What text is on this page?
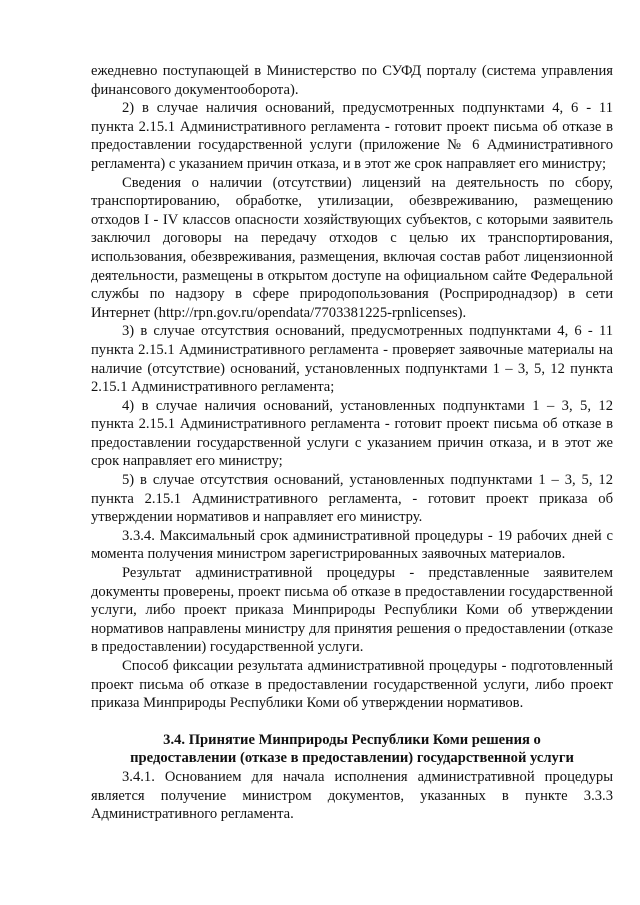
ежедневно поступающей в Министерство по СУФД порталу (система управления финансового документооборота).

2) в случае наличия оснований, предусмотренных подпунктами 4, 6 - 11 пункта 2.15.1 Административного регламента - готовит проект письма об отказе в предоставлении государственной услуги (приложение № 6 Административного регламента) с указанием причин отказа, и в этот же срок направляет его министру;

Сведения о наличии (отсутствии) лицензий на деятельность по сбору, транспортированию, обработке, утилизации, обезвреживанию, размещению отходов I - IV классов опасности хозяйствующих субъектов, с которыми заявитель заключил договоры на передачу отходов с целью их транспортирования, использования, обезвреживания, размещения, включая состав работ лицензионной деятельности, размещены в открытом доступе на официальном сайте Федеральной службы по надзору в сфере природопользования (Росприроднадзор) в сети Интернет (http://rpn.gov.ru/opendata/7703381225-rpnlicenses).

3) в случае отсутствия оснований, предусмотренных подпунктами 4, 6 - 11 пункта 2.15.1 Административного регламента - проверяет заявочные материалы на наличие (отсутствие) оснований, установленных подпунктами 1 – 3, 5, 12 пункта 2.15.1 Административного регламента;

4) в случае наличия оснований, установленных подпунктами 1 – 3, 5, 12 пункта 2.15.1 Административного регламента - готовит проект письма об отказе в предоставлении государственной услуги с указанием причин отказа, и в этот же срок направляет его министру;

5) в случае отсутствия оснований, установленных подпунктами 1 – 3, 5, 12 пункта 2.15.1 Административного регламента, - готовит проект приказа об утверждении нормативов и направляет его министру.

3.3.4. Максимальный срок административной процедуры - 19 рабочих дней с момента получения министром зарегистрированных заявочных материалов.

Результат административной процедуры - представленные заявителем документы проверены, проект письма об отказе в предоставлении государственной услуги, либо проект приказа Минприроды Республики Коми об утверждении нормативов направлены министру для принятия решения о предоставлении (отказе в предоставлении) государственной услуги.

Способ фиксации результата административной процедуры - подготовленный проект письма об отказе в предоставлении государственной услуги, либо проект приказа Минприроды Республики Коми об утверждении нормативов.

3.4. Принятие Минприроды Республики Коми решения о
предоставлении (отказе в предоставлении) государственной услуги

3.4.1. Основанием для начала исполнения административной процедуры является получение министром документов, указанных в пункте 3.3.3 Административного регламента.
